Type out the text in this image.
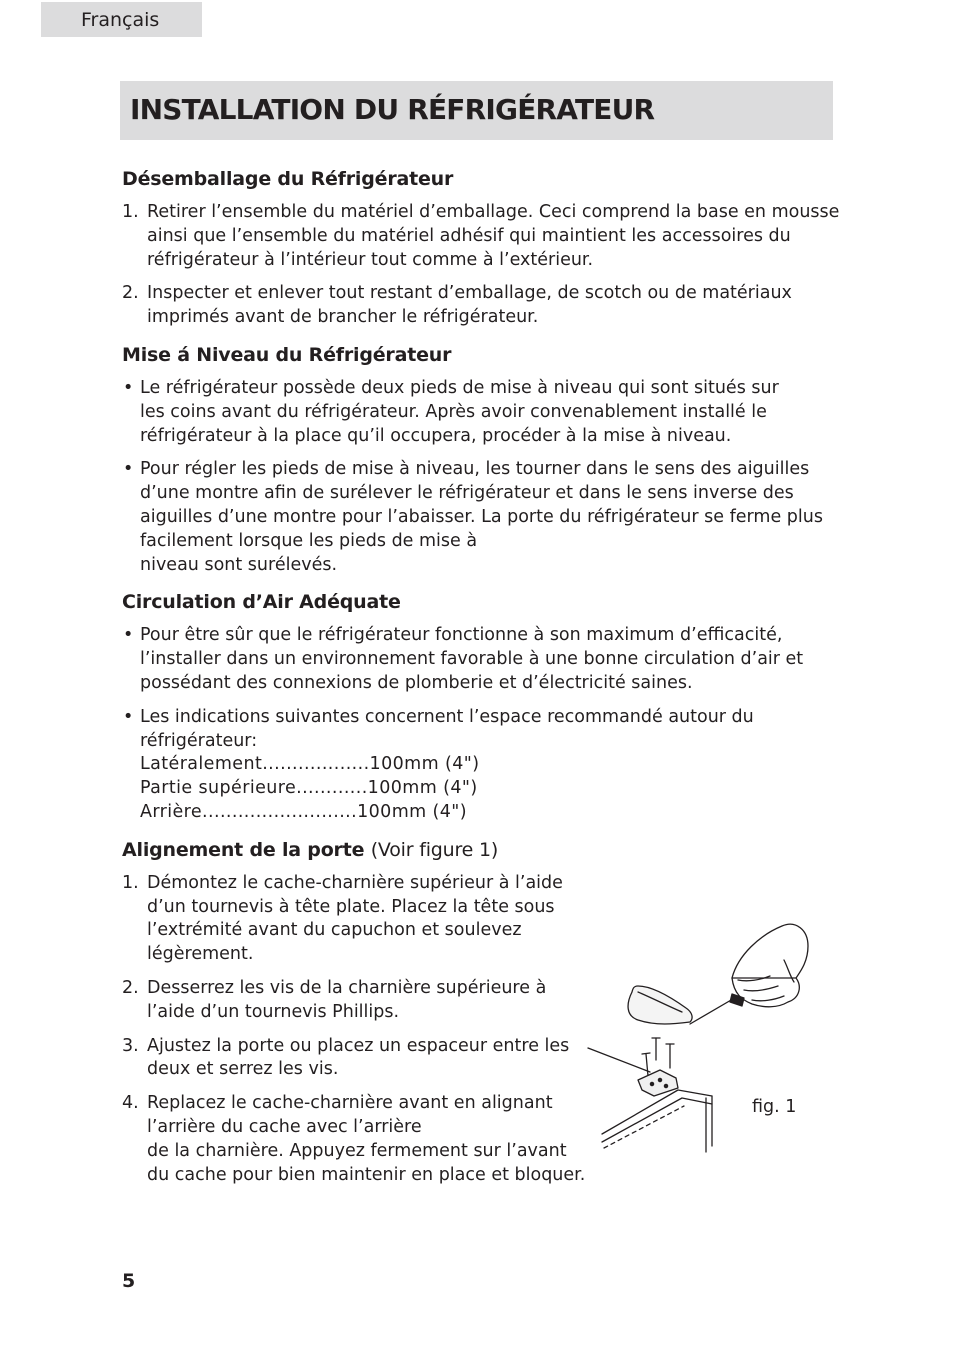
Français
INSTALLATION DU RÉFRIGÉRATEUR
Désemballage du Réfrigérateur
1. Retirer l’ensemble du matériel d’emballage. Ceci comprend la base en mousse
ainsi que l’ensemble du matériel adhésif qui maintient les accessoires du
réfrigérateur à l’intérieur tout comme à l’extérieur.
2. Inspecter et enlever tout restant d’emballage, de scotch ou de matériaux
imprimés avant de brancher le réfrigérateur.
Mise á Niveau du Réfrigérateur
• Le réfrigérateur possède deux pieds de mise à niveau qui sont situés sur
les coins avant du réfrigérateur. Après avoir convenablement installé le
réfrigérateur à la place qu’il occupera, procéder à la mise à niveau.
• Pour régler les pieds de mise à niveau, les tourner dans le sens des aiguilles
d’une montre afin de surélever le réfrigérateur et dans le sens inverse des
aiguilles d’une montre pour l’abaisser. La porte du réfrigérateur se ferme plus
facilement lorsque les pieds de mise à
niveau sont surélevés.
Circulation d’Air Adéquate
• Pour être sûr que le réfrigérateur fonctionne à son maximum d’efficacité,
l’installer dans un environnement favorable à une bonne circulation d’air et
possédant des connexions de plomberie et d’électricité saines.
• Les indications suivantes concernent l’espace recommandé autour du
réfrigérateur:
Latéralement..................100mm (4")
Partie supérieure............100mm (4")
Arrière..........................100mm (4")
Alignement de la porte (Voir figure 1)
1. Démontez le cache-charnière supérieur à l’aide
d’un tournevis à tête plate. Placez la tête sous
l’extrémité avant du capuchon et soulevez
légèrement.
2. Desserrez les vis de la charnière supérieure à
l’aide d’un tournevis Phillips.
3. Ajustez la porte ou placez un espaceur entre les
deux et serrez les vis.
4. Replacez le cache-charnière avant en alignant
l’arrière du cache avec l’arrière
de la charnière. Appuyez fermement sur l’avant
du cache pour bien maintenir en place et bloquer.
fig. 1
5
